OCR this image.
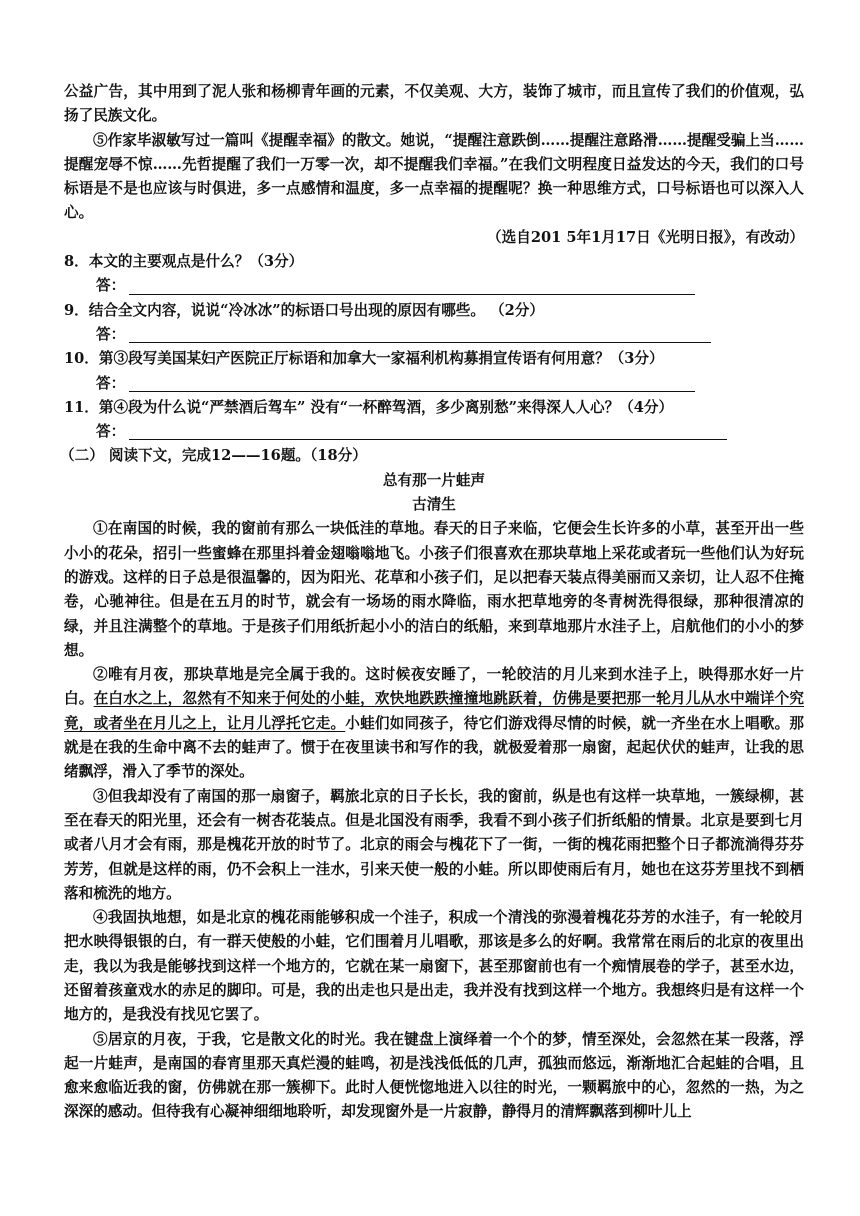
公益广告，其中用到了泥人张和杨柳青年画的元素，不仅美观、大方，装饰了城市，而且宣传了我们的价值观，弘扬了民族文化。

⑤作家毕淑敏写过一篇叫《提醒幸福》的散文。她说，“提醒注意跌倒……提醒注意路滑……提醒受骗上当……提醒宠辱不惊……先哲提醒了我们一万零一次，却不提醒我们幸福。”在我们文明程度日益发达的今天，我们的口号标语是不是也应该与时俱进，多一点感情和温度，多一点幸福的提醒呢？换一种思维方式，口号标语也可以深入人心。

（选自201 5年1月17日《光明日报》，有改动）

8．本文的主要观点是什么？（3分）

答：

9．结合全文内容，说说“冷冰冰”的标语口号出现的原因有哪些。 （2分）

答：

10．第③段写美国某妇产医院正厅标语和加拿大一家福利机构募捐宣传语有何用意？（3分）

答：

11．第④段为什么说“严禁酒后驾车” 没有“一杯醉驾酒，多少离别愁”来得深人人心？（4分）

答：

（二） 阅读下文，完成12——16题。（18分）

总有那一片蛙声

古清生

①在南国的时候，我的窗前有那么一块低洼的草地。春天的日子来临，它便会生长许多的小草，甚至开出一些小小的花朵，招引一些蜜蜂在那里抖着金翅嗡嗡地飞。小孩子们很喜欢在那块草地上采花或者玩一些他们认为好玩的游戏。这样的日子总是很温馨的，因为阳光、花草和小孩子们，足以把春天装点得美丽而又亲切，让人忍不住掩卷，心驰神往。但是在五月的时节，就会有一场场的雨水降临，雨水把草地旁的冬青树洗得很绿，那种很清凉的绿，并且注满整个的草地。于是孩子们用纸折起小小的洁白的纸船，来到草地那片水洼子上，启航他们的小小的梦想。

②唯有月夜，那块草地是完全属于我的。这时候夜安睡了，一轮皎洁的月儿来到水洼子上，映得那水好一片白。在白水之上，忽然有不知来于何处的小蛙，欢快地跌跌撞撞地跳跃着，仿佛是要把那一轮月儿从水中端详个究竟，或者坐在月儿之上，让月儿浮托它走。小蛙们如同孩子，待它们游戏得尽情的时候，就一齐坐在水上唱歌。那就是在我的生命中离不去的蛙声了。惯于在夜里读书和写作的我，就极爱着那一扇窗，起起伏伏的蛙声，让我的思绪飘浮，滑入了季节的深处。

③但我却没有了南国的那一扇窗子，羁旅北京的日子长长，我的窗前，纵是也有这样一块草地，一簇绿柳，甚至在春天的阳光里，还会有一树杏花装点。但是北国没有雨季，我看不到小孩子们折纸船的情景。北京是要到七月或者八月才会有雨，那是槐花开放的时节了。北京的雨会与槐花下了一街，一街的槐花雨把整个日子都流淌得芬芬芳芳，但就是这样的雨，仍不会积上一洼水，引来天使一般的小蛙。所以即使雨后有月，她也在这芬芳里找不到栖落和梳洗的地方。

④我固执地想，如是北京的槐花雨能够积成一个洼子，积成一个清浅的弥漫着槐花芬芳的水洼子，有一轮皎月把水映得银银的白，有一群天使般的小蛙，它们围着月儿唱歌，那该是多么的好啊。我常常在雨后的北京的夜里出走，我以为我是能够找到这样一个地方的，它就在某一扇窗下，甚至那窗前也有一个痴情展卷的学子，甚至水边，还留着孩童戏水的赤足的脚印。可是，我的出走也只是出走，我并没有找到这样一个地方。我想终归是有这样一个地方的，是我没有找见它罢了。

⑤居京的月夜，于我，它是散文化的时光。我在键盘上演绎着一个个的梦，情至深处，会忽然在某一段落，浮起一片蛙声，是南国的春宵里那天真烂漫的蛙鸣，初是浅浅低低的几声，孤独而悠远，渐渐地汇合起蛙的合唱，且愈来愈临近我的窗，仿佛就在那一簇柳下。此时人便恍惚地进入以往的时光，一颗羁旅中的心，忽然的一热，为之深深的感动。但待我有心凝神细细地聆听，却发现窗外是一片寂静，静得月的清辉飘落到柳叶儿上
